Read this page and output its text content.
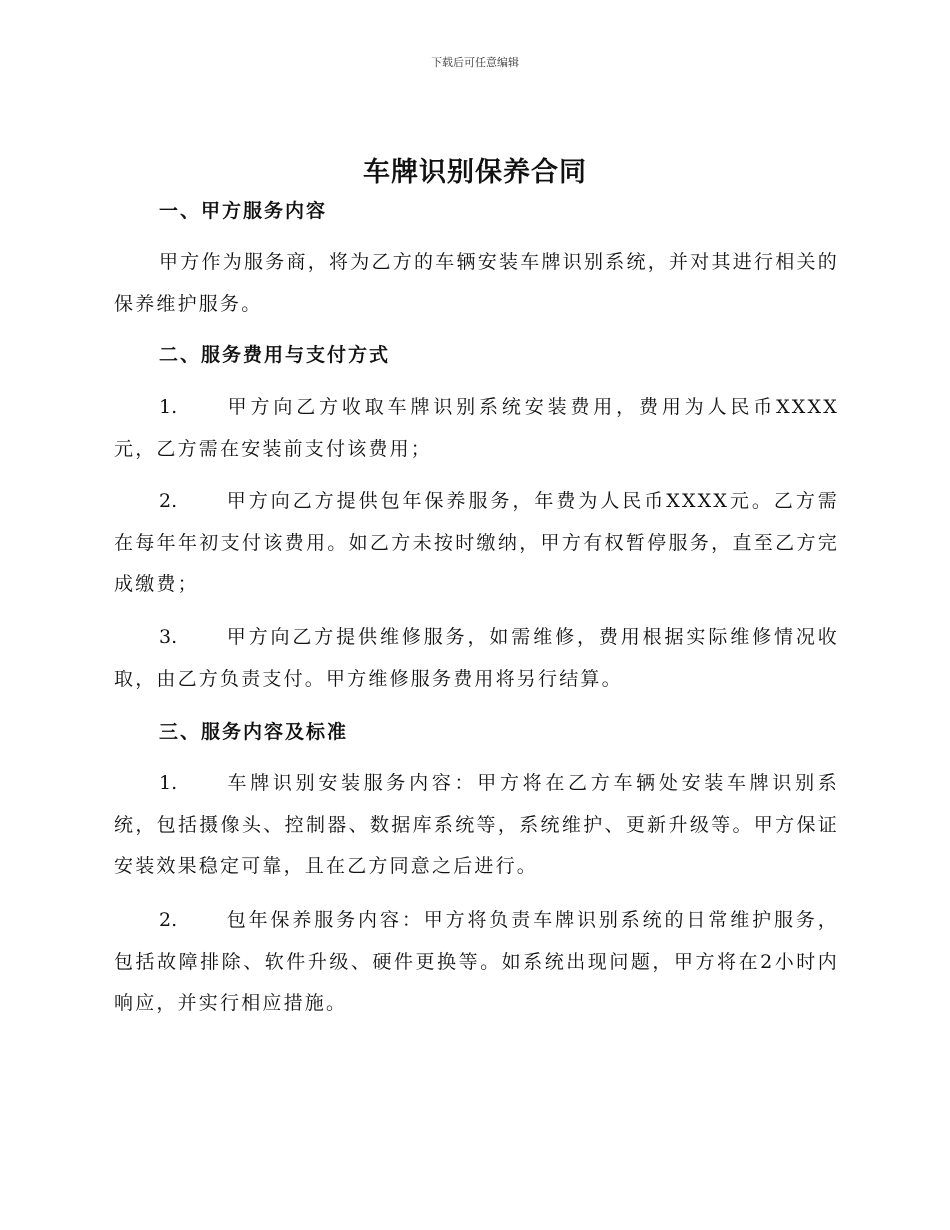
下载后可任意编辑
车牌识别保养合同
一、甲方服务内容
甲方作为服务商，将为乙方的车辆安装车牌识别系统，并对其进行相关的保养维护服务。
二、服务费用与支付方式
1.	甲方向乙方收取车牌识别系统安装费用，费用为人民币XXXX元，乙方需在安装前支付该费用；
2.	甲方向乙方提供包年保养服务，年费为人民币XXXX元。乙方需在每年年初支付该费用。如乙方未按时缴纳，甲方有权暂停服务，直至乙方完成缴费；
3.	甲方向乙方提供维修服务，如需维修，费用根据实际维修情况收取，由乙方负责支付。甲方维修服务费用将另行结算。
三、服务内容及标准
1.	车牌识别安装服务内容：甲方将在乙方车辆处安装车牌识别系统，包括摄像头、控制器、数据库系统等，系统维护、更新升级等。甲方保证安装效果稳定可靠，且在乙方同意之后进行。
2.	包年保养服务内容：甲方将负责车牌识别系统的日常维护服务，包括故障排除、软件升级、硬件更换等。如系统出现问题，甲方将在2小时内响应，并实行相应措施。
